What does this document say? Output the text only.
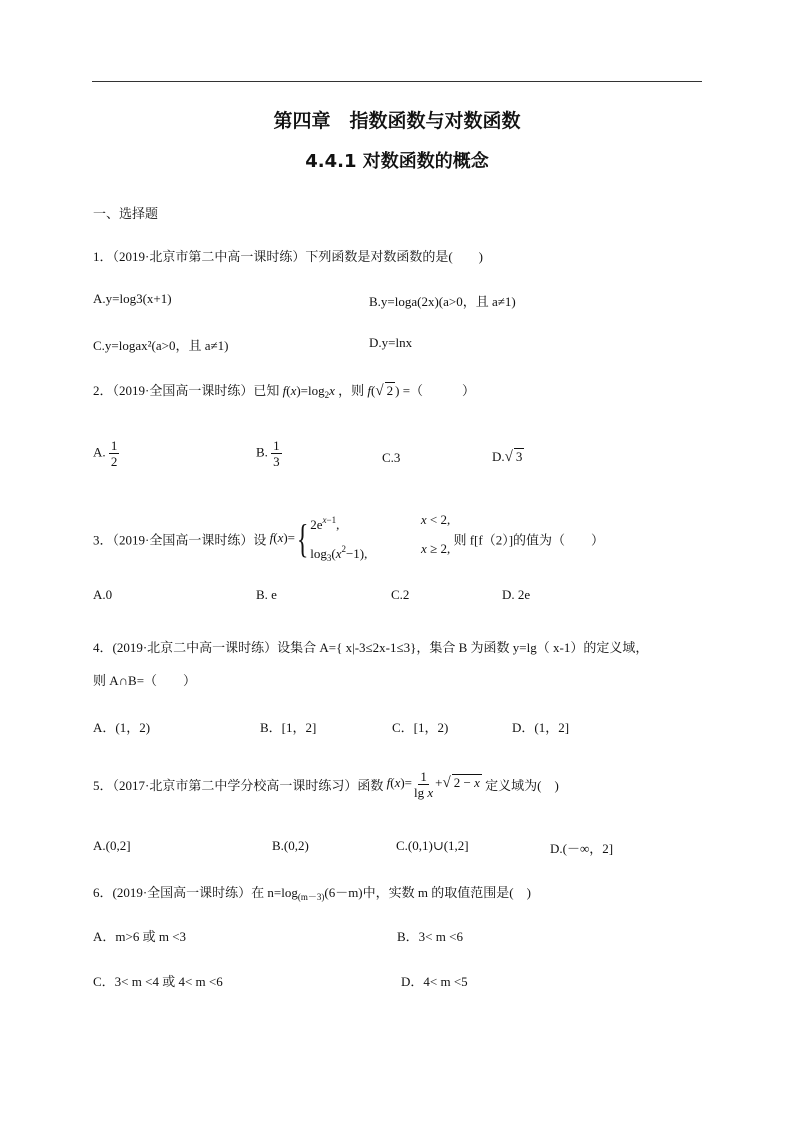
第四章　指数函数与对数函数
4.4.1 对数函数的概念
一、选择题
1．（2019·北京市第二中高一课时练）下列函数是对数函数的是(　　)
A.y=log3(x+1)	B.y=loga(2x)(a>0，且 a≠1)
C.y=logax²(a>0，且 a≠1)	D.y=lnx
2．（2019·全国高一课时练）已知 $f(x)=\log_2x$ ，则 f(√ 2 ) =（　　　）
A. $\frac{1}{2}$	B. $\frac{1}{3}$	C.3	D.√ 3
3．（2019·全国高一课时练）设 f(x)={ $2e^{x-1}$,	x < 2,
$\log_3(x^2-1)$,	x ≥ 2,
则 f[f（2）]的值为（　　）
A.0	B. e	C.2	D. 2e
4．(2019·北京二中高一课时练）设集合 A={ x|-3≤2x-1≤3}，集合 B 为函数 y=lg（ x-1）的定义域，
则 A∩B=（　　）
A．(1，2)	B．[1，2]	C．[1，2)	D．(1，2]
5．（2017·北京市第二中学分校高一课时练习）函数 $f(x)= \frac{1}{\text{lg x}}$ +√ 2 − x 定义域为(　)
A.(0,2]	B.(0,2)	C.(0,1)∪(1,2]	D.(－∞，2]
6．(2019·全国高一课时练）在 $n=\log_{(m-3)}(6-m)$中，实数 m 的取值范围是(　)
A．m>6 或 m <3	B．3< m <6
C．3< m <4 或 4< m <6	D．4< m <5
